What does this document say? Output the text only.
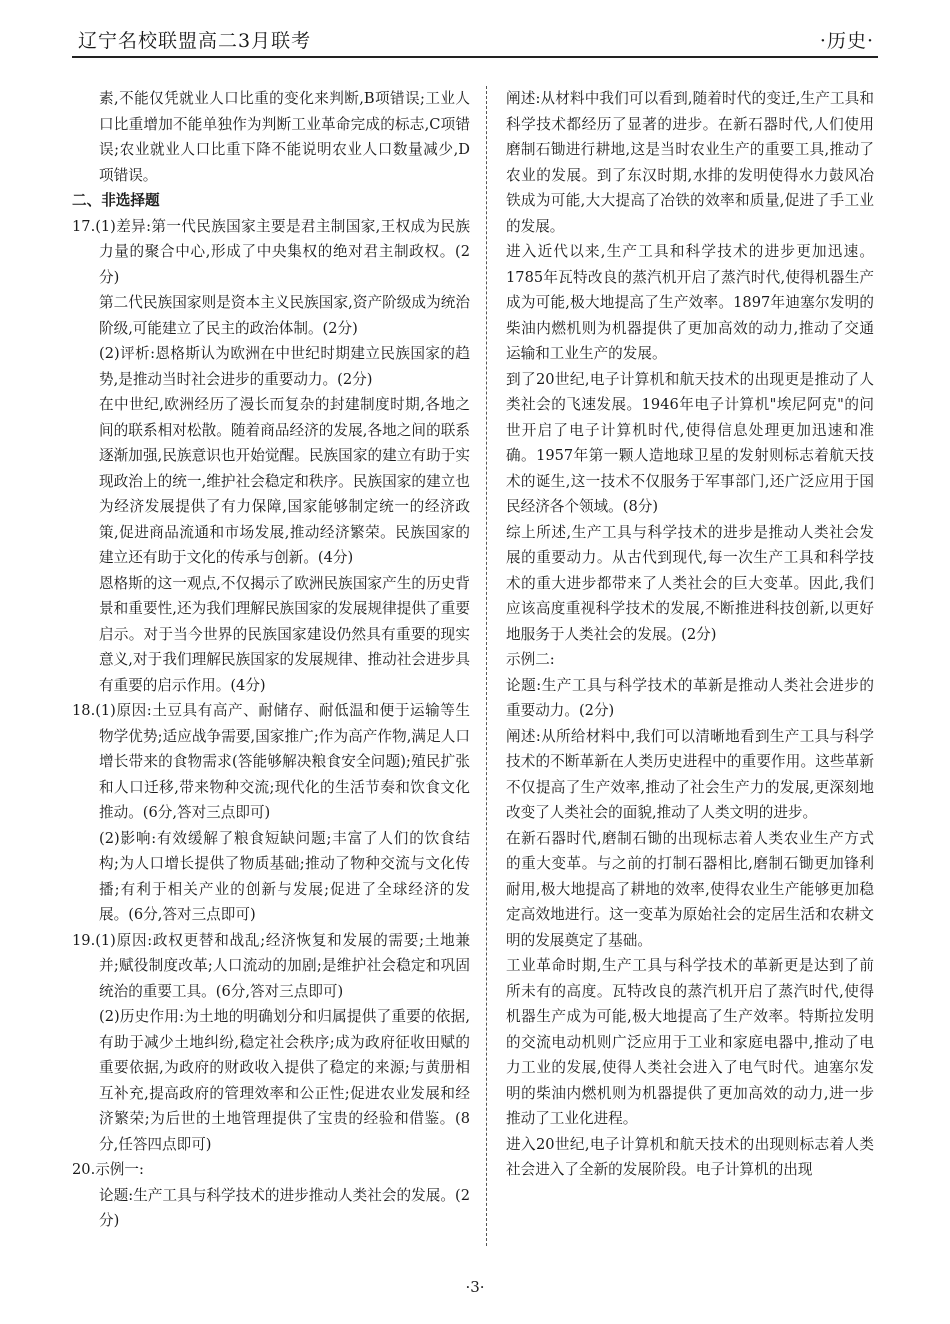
辽宁名校联盟高二3月联考	·历史·

素,不能仅凭就业人口比重的变化来判断,B项错误;工业人口比重增加不能单独作为判断工业革命完成的标志,C项错误;农业就业人口比重下降不能说明农业人口数量减少,D项错误。

二、非选择题

17.(1)差异:第一代民族国家主要是君主制国家,王权成为民族力量的聚合中心,形成了中央集权的绝对君主制政权。(2分)

第二代民族国家则是资本主义民族国家,资产阶级成为统治阶级,可能建立了民主的政治体制。(2分)

(2)评析:恩格斯认为欧洲在中世纪时期建立民族国家的趋势,是推动当时社会进步的重要动力。(2分)

在中世纪,欧洲经历了漫长而复杂的封建制度时期,各地之间的联系相对松散。随着商品经济的发展,各地之间的联系逐渐加强,民族意识也开始觉醒。民族国家的建立有助于实现政治上的统一,维护社会稳定和秩序。民族国家的建立也为经济发展提供了有力保障,国家能够制定统一的经济政策,促进商品流通和市场发展,推动经济繁荣。民族国家的建立还有助于文化的传承与创新。(4分)

恩格斯的这一观点,不仅揭示了欧洲民族国家产生的历史背景和重要性,还为我们理解民族国家的发展规律提供了重要启示。对于当今世界的民族国家建设仍然具有重要的现实意义,对于我们理解民族国家的发展规律、推动社会进步具有重要的启示作用。(4分)

18.(1)原因:土豆具有高产、耐储存、耐低温和便于运输等生物学优势;适应战争需要,国家推广;作为高产作物,满足人口增长带来的食物需求(答能够解决粮食安全问题);殖民扩张和人口迁移,带来物种交流;现代化的生活节奏和饮食文化推动。(6分,答对三点即可)

(2)影响:有效缓解了粮食短缺问题;丰富了人们的饮食结构;为人口增长提供了物质基础;推动了物种交流与文化传播;有利于相关产业的创新与发展;促进了全球经济的发展。(6分,答对三点即可)

19.(1)原因:政权更替和战乱;经济恢复和发展的需要;土地兼并;赋役制度改革;人口流动的加剧;是维护社会稳定和巩固统治的重要工具。(6分,答对三点即可)

(2)历史作用:为土地的明确划分和归属提供了重要的依据,有助于减少土地纠纷,稳定社会秩序;成为政府征收田赋的重要依据,为政府的财政收入提供了稳定的来源;与黄册相互补充,提高政府的管理效率和公正性;促进农业发展和经济繁荣;为后世的土地管理提供了宝贵的经验和借鉴。(8分,任答四点即可)

20.示例一:

论题:生产工具与科学技术的进步推动人类社会的发展。(2分)

阐述:从材料中我们可以看到,随着时代的变迁,生产工具和科学技术都经历了显著的进步。在新石器时代,人们使用磨制石锄进行耕地,这是当时农业生产的重要工具,推动了农业的发展。到了东汉时期,水排的发明使得水力鼓风冶铁成为可能,大大提高了冶铁的效率和质量,促进了手工业的发展。

进入近代以来,生产工具和科学技术的进步更加迅速。1785年瓦特改良的蒸汽机开启了蒸汽时代,使得机器生产成为可能,极大地提高了生产效率。1897年迪塞尔发明的柴油内燃机则为机器提供了更加高效的动力,推动了交通运输和工业生产的发展。

到了20世纪,电子计算机和航天技术的出现更是推动了人类社会的飞速发展。1946年电子计算机"埃尼阿克"的问世开启了电子计算机时代,使得信息处理更加迅速和准确。1957年第一颗人造地球卫星的发射则标志着航天技术的诞生,这一技术不仅服务于军事部门,还广泛应用于国民经济各个领域。(8分)

综上所述,生产工具与科学技术的进步是推动人类社会发展的重要动力。从古代到现代,每一次生产工具和科学技术的重大进步都带来了人类社会的巨大变革。因此,我们应该高度重视科学技术的发展,不断推进科技创新,以更好地服务于人类社会的发展。(2分)

示例二:

论题:生产工具与科学技术的革新是推动人类社会进步的重要动力。(2分)

阐述:从所给材料中,我们可以清晰地看到生产工具与科学技术的不断革新在人类历史进程中的重要作用。这些革新不仅提高了生产效率,推动了社会生产力的发展,更深刻地改变了人类社会的面貌,推动了人类文明的进步。

在新石器时代,磨制石锄的出现标志着人类农业生产方式的重大变革。与之前的打制石器相比,磨制石锄更加锋利耐用,极大地提高了耕地的效率,使得农业生产能够更加稳定高效地进行。这一变革为原始社会的定居生活和农耕文明的发展奠定了基础。

工业革命时期,生产工具与科学技术的革新更是达到了前所未有的高度。瓦特改良的蒸汽机开启了蒸汽时代,使得机器生产成为可能,极大地提高了生产效率。特斯拉发明的交流电动机则广泛应用于工业和家庭电器中,推动了电力工业的发展,使得人类社会进入了电气时代。迪塞尔发明的柴油内燃机则为机器提供了更加高效的动力,进一步推动了工业化进程。

进入20世纪,电子计算机和航天技术的出现则标志着人类社会进入了全新的发展阶段。电子计算机的出现

·3·
